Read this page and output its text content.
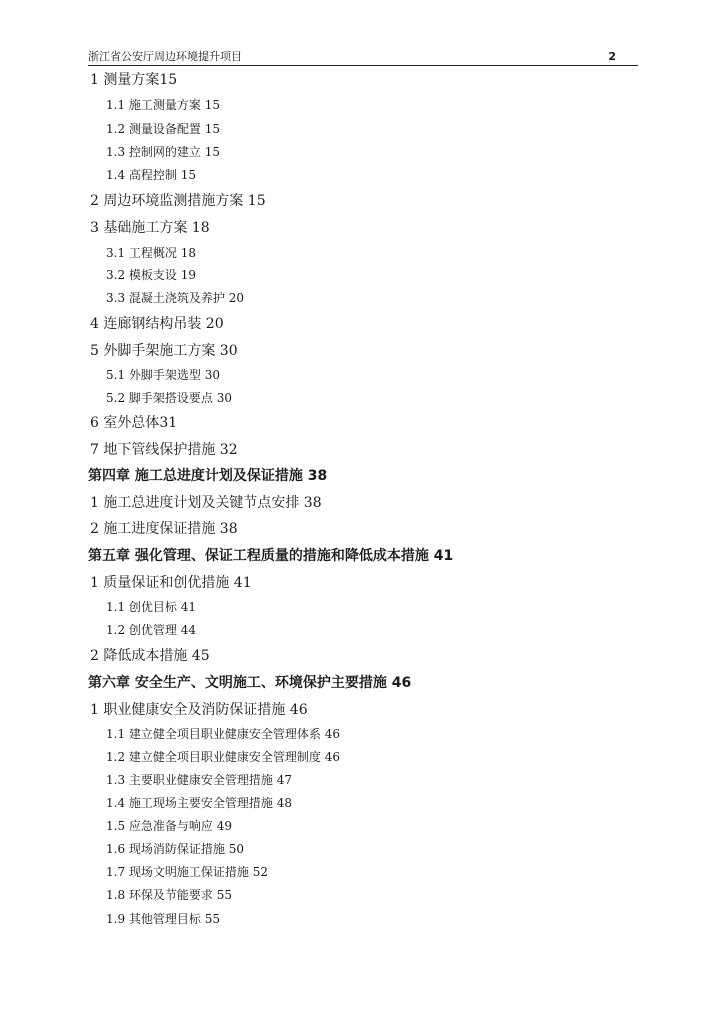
浙江省公安厅周边环境提升项目	2
1 测量方案15
1.1 施工测量方案 15
1.2 测量设备配置 15
1.3 控制网的建立 15
1.4 高程控制 15
2 周边环境监测措施方案 15
3 基础施工方案 18
3.1 工程概况 18
3.2 模板支设 19
3.3 混凝土浇筑及养护 20
4 连廊钢结构吊装 20
5 外脚手架施工方案 30
5.1 外脚手架选型 30
5.2 脚手架搭设要点 30
6 室外总体31
7 地下管线保护措施 32
第四章 施工总进度计划及保证措施 38
1 施工总进度计划及关键节点安排 38
2 施工进度保证措施 38
第五章 强化管理、保证工程质量的措施和降低成本措施 41
1 质量保证和创优措施 41
1.1 创优目标 41
1.2 创优管理 44
2 降低成本措施 45
第六章 安全生产、文明施工、环境保护主要措施 46
1 职业健康安全及消防保证措施 46
1.1 建立健全项目职业健康安全管理体系 46
1.2 建立健全项目职业健康安全管理制度 46
1.3 主要职业健康安全管理措施 47
1.4 施工现场主要安全管理措施 48
1.5 应急准备与响应 49
1.6 现场消防保证措施 50
1.7 现场文明施工保证措施 52
1.8 环保及节能要求 55
1.9 其他管理目标 55
